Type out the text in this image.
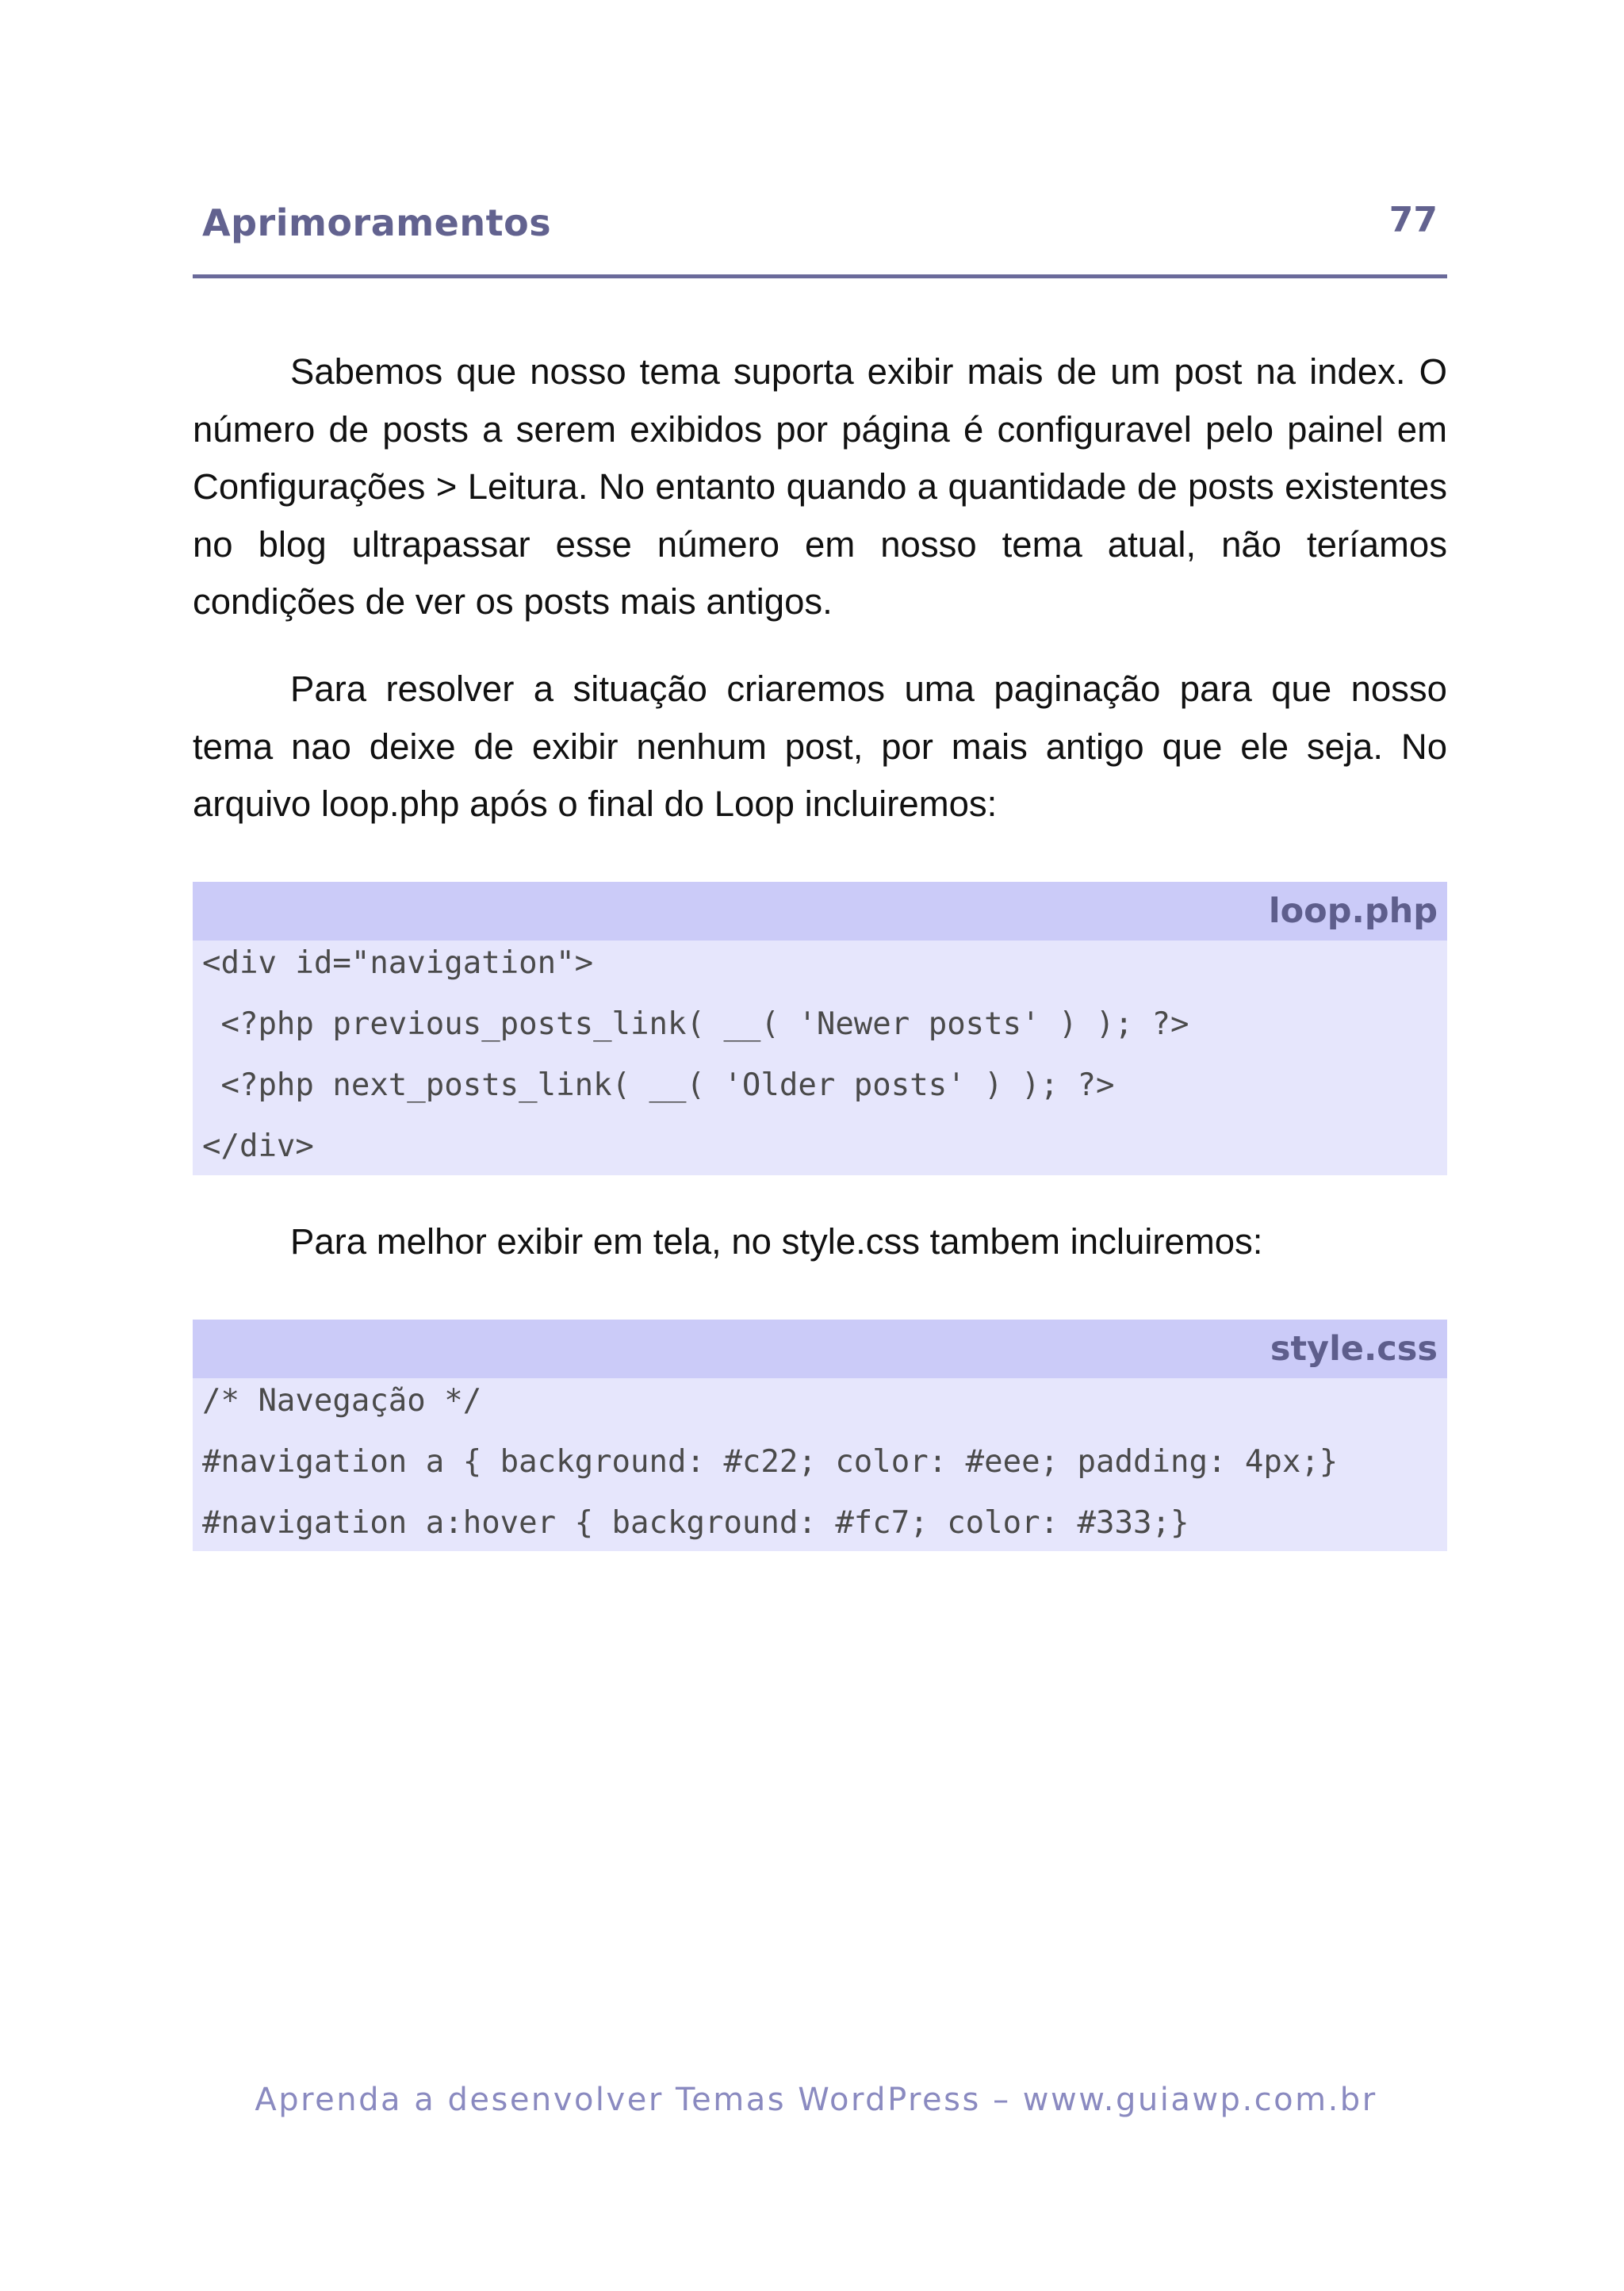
Aprimoramentos	77

Sabemos que nosso tema suporta exibir mais de um post na index. O número de posts a serem exibidos por página é configuravel pelo painel em Configurações > Leitura. No entanto quando a quantidade de posts existentes no blog ultrapassar esse número em nosso tema atual, não teríamos condições de ver os posts mais antigos.

Para resolver a situação criaremos uma paginação para que nosso tema nao deixe de exibir nenhum post, por mais antigo que ele seja. No arquivo loop.php após o final do Loop incluiremos:

loop.php
<div id="navigation">
<?php previous_posts_link( __( 'Newer posts' ) ); ?>
<?php next_posts_link( __( 'Older posts' ) ); ?>
</div>

Para melhor exibir em tela, no style.css tambem incluiremos:

style.css
/* Navegação */
#navigation a { background: #c22; color: #eee; padding: 4px;}
#navigation a:hover { background: #fc7; color: #333;}
Aprenda a desenvolver Temas WordPress – www.guiawp.com.br
